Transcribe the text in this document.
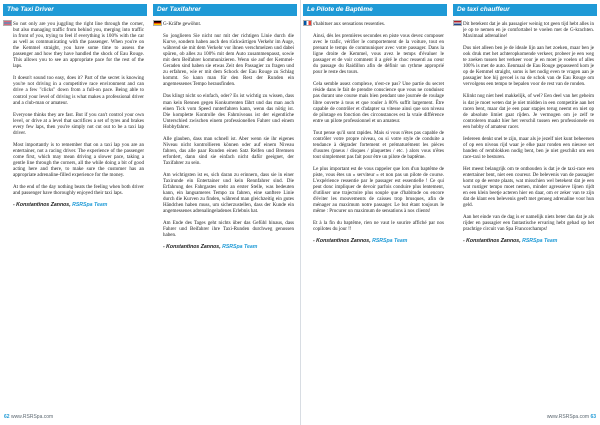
The Taxi Driver

So not only are you juggling the right line through the corner, but also managing traffic from behind you, merging into traffic in front of you, trying to feel if everything is 100% with the car as well as communicating with the passenger. When you're on the Kemmel straight, you have some time to assess the passenger and how they have handled the shock of Eau Rouge. This allows you to see an appropriate pace for the rest of the laps.

It doesn't sound too easy, does it? Part of the secret is knowing you're not driving in a competitive race environment and can drive a few "clicks" down from a full-on pace. Being able to control your level of driving is what makes a professional driver and a club-man or amateur.

Everyone thinks they are fast. But if you can't control your own level, or drive at a level that sacrifices a set of tyres and brakes every few laps, then you're simply not cut out to be a taxi lap driver.

Most importantly is to remember that on a taxi lap you are an entertainer, not a racing driver. The experience of the passenger come first, which may mean driving a slower pace, taking a gentle line through the corners, all the while doing a bit of good acting here and there, to make sure the customer has an appropriate adrenaline-filled experience for the money.

At the end of the day nothing beats the feeling when both driver and passenger have thoroughly enjoyed their taxi laps.

- Konstantinos Zannos, RSRSpa Team

Der Taxifahrer

G-Kräfte gewöhnt.

So jonglieren Sie nicht nur mit der richtigen Linie durch die Kurve, sondern haben auch den rückwärtigen Verkehr im Auge, während sie mit dem Verkehr vor ihnen verschmelzen und dabei spüren, ob alles zu 100% mit dem Auto zusammenpasst, sowie mit dem Beifahrer kommunizieren. Wenn sie auf der Kemmel-Geraden sind haben sie etwas Zeit den Passagier zu fragen und zu erfahren, wie er mit dem Schock der Eau Rouge zu Schlag kommt. So kann man für den Rest der Runden ein angemessenes Tempo herausfinden.

Das klingt nicht so einfach, oder? Es ist wichtig zu wissen, dass man kein Rennen gegen Konkurrenten fährt und das man auch einen Tick vom Speed runterfahren kann, wenn das nötig ist. Die komplette Kontrolle des Fahrniveaus ist der eigentliche Unterschied zwischen einem professionellen Fahrer und einem Hobbyfahrer.

Alle glauben, dass man schnell ist. Aber wenn sie ihr eigenes Niveau nicht kontrollieren können oder auf einem Niveau fahren, das alle paar Runden einen Satz Reifen und Bremsen erfordert, dann sind sie einfach nicht dafür geeignet, der Taxifahrer zu sein.

Am wichtigsten ist es, sich daran zu erinnern, dass sie in einer Taxirunde ein Entertainer und kein Rennfahrer sind. Die Erfahrung des Fahrgastes steht an erster Stelle, was bedeuten kann, ein langsameres Tempo zu fahren, eine sanftere Linie durch die Kurven zu finden, während man gleichzeitig ein gutes Händchen haben muss, um sicherzustellen, dass der Kunde ein angemessenes adrenalingeladenes Erlebnis hat.

Am Ende des Tages geht nichts über das Gefühl hinaus, dass Fahrer und Beifahrer ihre Taxi-Runden durchweg genossen haben.

- Konstantinos Zannos, RSRSpa Team

Le Pilote de Baptême

s'habituer aux sensations ressenties.

Ainsi, dès les premières secondes en piste vous devez composer avec le trafic, vérifier le comportement de la voiture, tout en prenant le temps de communiquer avec votre passager. Dans la ligne droite de Kemmel, vous avez le temps d'évaluer le passager et de voir comment il a géré le choc ressenti au cœur du passage du Raidillon afin de définir un rythme approprié pour le reste des tours.

Cela semble assez complexe, n'est-ce pas? Une partie du secret réside dans le fait de prendre conscience que vous ne conduisez pas durant une course mais bien pendant une journée de roulage libre ouverte à tous et que rouler à 80% suffit largement. Être capable de contrôler et d'adapter sa vitesse ainsi que son niveau de pilotage en fonction des circonstances est la vraie différence entre un pilote professionnel et un amateur.

Tout pense qu'il sont rapides. Mais si vous n'êtes pas capable de contrôler votre propre niveau, ou si votre style de conduite a tendance à dégrader fortement et prématurément les pièces d'usures (pneus / disques / plaquettes / etc. ) alors vous n'êtes tout simplement pas fait pour être un pilote de baptême.

Le plus important est de vous rappeler que lors d'un baptême de piste, vous êtes un « serviteur » et non pas un pilote de course. L'expérience ressentie par le passager est essentielle ! Ce qui peut donc impliquer de devoir parfois conduire plus lentement, d'utiliser une trajectoire plus souple que d'habitude ou encore d'éviter les mouvements de caisses trop brusques, afin de ménager au maximum notre passager. Le but étant toujours le même : Procurer un maximum de sensations à nos clients!

Et à la fin du baptême, rien ne vaut le sourire affiché par nos copilotes du jour !!

- Konstantinos Zannos, RSRSpa Team

De taxi chauffeur

Dit betekent dat je als passagier weinig tot geen tijd hebt alles in je op te nemen en je comfortabel te voelen met de G-krachten. Maximaal adrenaline!

Dus niet alleen ben je de ideale lijn aan het zoeken, maar ben je ook druk met het achteropkomende verkeer, probeer je een weg te zoeken tussen het verkeer voor je en moet je voelen of alles 100% is met de auto. Eenmaal de Eau Rouge gepasseerd kom je op de Kemmel straight, soms is het nodig even te vragen aan je passagier hoe hij gevoel is na de schok van de Eau Rouge om vervolgens een tempo te bepalen voor de rest van de ronden.

Klinkt nog niet heel makkelijk, of wel? Een deel van het geheim is dat je moet weten dat je niet midden in een competitie aan het racen bent, maar dat je een paar stapjes terug neemt en niet op de absolute limiet gaat rijden. Je vermogen om je zelf te controleren maakt hier het verschil tussen een professionele en een hobby of amateur racer.

Iedereen denkt snel te zijn, maar als je jezelf niet kunt beheersen of op een niveau rijd waar je elke paar ronden een nieuwe set banden of remblokken nodig bent, ben je niet geschikt om een race-taxi te besturen.

Het meest belangrijk om te onthouden is dat je de taxi-race een entertainer bent, niet een coureur. De belevenis van de passagier komt op de eerste plaats, wat misschien wel betekent dat je een wat rustiger tempo moet nemen, minder agressieve lijnen rijdt en een klein beetje acteren hier en daar, om er zeker van te zijn dat de klant een belevenis geeft met genoeg adrenaline voor hun geld.

Aan het einde van de dag is er namelijk niets beter dan dat je als rijder en passagier een fantastische ervaring hebt gehad op het prachtige circuit van Spa Francorchamps!

- Konstantinos Zannos, RSRSpa Team

62 www.RSRSpa.com	www.RSRSpa.com 63
